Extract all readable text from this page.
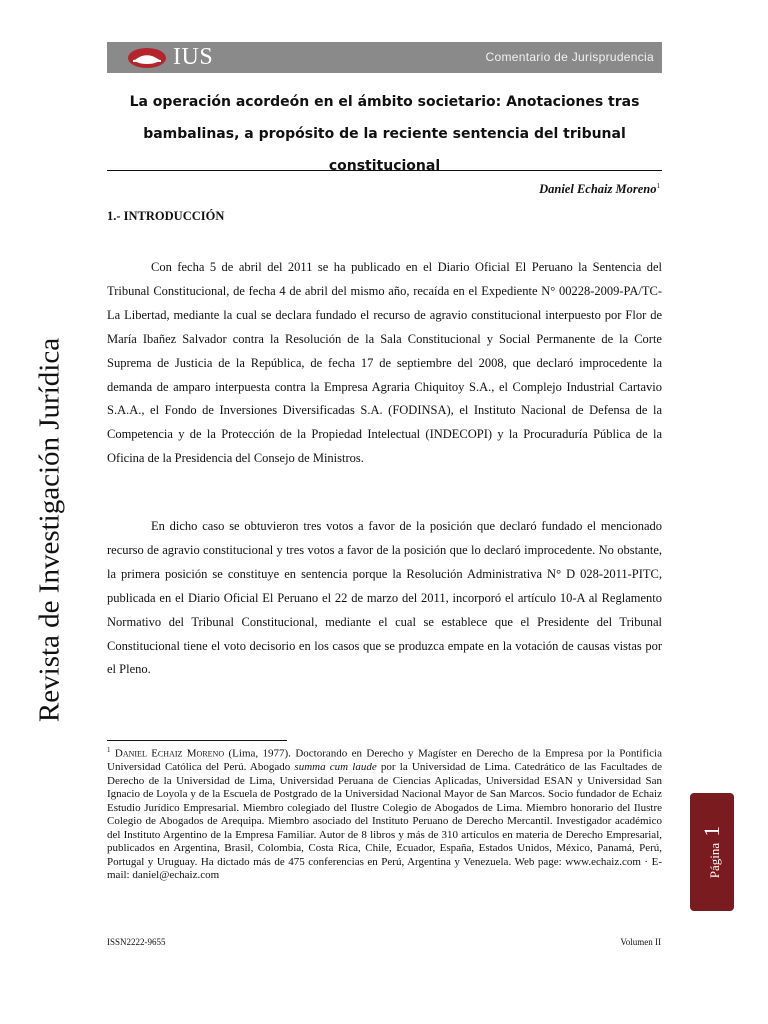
IUS	Comentario de Jurisprudencia
La operación acordeón en el ámbito societario: Anotaciones tras bambalinas, a propósito de la reciente sentencia del tribunal constitucional
Daniel Echaiz Moreno$^1$
1.- INTRODUCCIÓN

Con fecha 5 de abril del 2011 se ha publicado en el Diario Oficial El Peruano la Sentencia del Tribunal Constitucional, de fecha 4 de abril del mismo año, recaída en el Expediente N° 00228-2009-PA/TC-La Libertad, mediante la cual se declara fundado el recurso de agravio constitucional interpuesto por Flor de María Ibañez Salvador contra la Resolución de la Sala Constitucional y Social Permanente de la Corte Suprema de Justicia de la República, de fecha 17 de septiembre del 2008, que declaró improcedente la demanda de amparo interpuesta contra la Empresa Agraria Chiquitoy S.A., el Complejo Industrial Cartavio S.A.A., el Fondo de Inversiones Diversificadas S.A. (FODINSA), el Instituto Nacional de Defensa de la Competencia y de la Protección de la Propiedad Intelectual (INDECOPI) y la Procuraduría Pública de la Oficina de la Presidencia del Consejo de Ministros.

En dicho caso se obtuvieron tres votos a favor de la posición que declaró fundado el mencionado recurso de agravio constitucional y tres votos a favor de la posición que lo declaró improcedente. No obstante, la primera posición se constituye en sentencia porque la Resolución Administrativa N° D 028-2011-PITC, publicada en el Diario Oficial El Peruano el 22 de marzo del 2011, incorporó el artículo 10-A al Reglamento Normativo del Tribunal Constitucional, mediante el cual se establece que el Presidente del Tribunal Constitucional tiene el voto decisorio en los casos que se produzca empate en la votación de causas vistas por el Pleno.

$^1$ Daniel Echaiz Moreno (Lima, 1977). Doctorando en Derecho y Magíster en Derecho de la Empresa por la Pontificia Universidad Católica del Perú. Abogado summa cum laude por la Universidad de Lima. Catedrático de las Facultades de Derecho de la Universidad de Lima, Universidad Peruana de Ciencias Aplicadas, Universidad ESAN y Universidad San Ignacio de Loyola y de la Escuela de Postgrado de la Universidad Nacional Mayor de San Marcos. Socio fundador de Echaiz Estudio Jurídico Empresarial. Miembro colegiado del Ilustre Colegio de Abogados de Lima. Miembro honorario del Ilustre Colegio de Abogados de Arequipa. Miembro asociado del Instituto Peruano de Derecho Mercantil. Investigador académico del Instituto Argentino de la Empresa Familiar. Autor de 8 libros y más de 310 artículos en materia de Derecho Empresarial, publicados en Argentina, Brasil, Colombia, Costa Rica, Chile, Ecuador, España, Estados Unidos, México, Panamá, Perú, Portugal y Uruguay. Ha dictado más de 475 conferencias en Perú, Argentina y Venezuela. Web page: www.echaiz.com · E-mail: daniel@echaiz.com

ISSN2222-9655	Volumen II
Revista de Investigación Jurídica
Página
1
